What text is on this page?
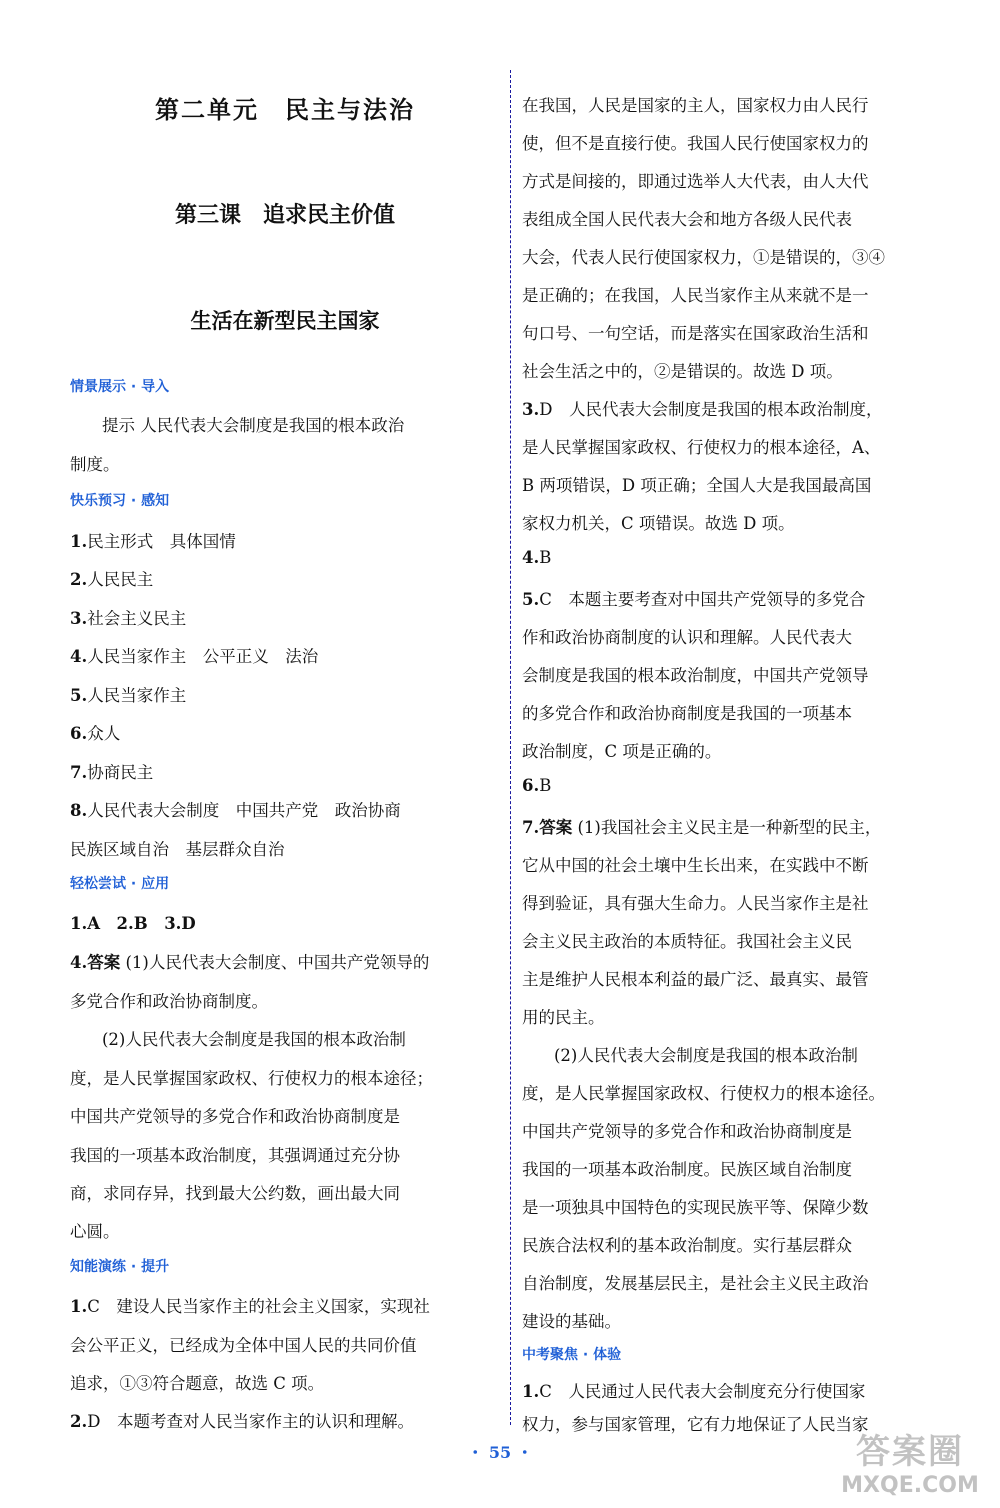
第二单元　民主与法治
第三课　追求民主价值
生活在新型民主国家
情景展示 · 导入
提示 人民代表大会制度是我国的根本政治
制度。
快乐预习 · 感知
1.民主形式　具体国情
2.人民民主
3.社会主义民主
4.人民当家作主　公平正义　法治
5.人民当家作主
6.众人
7.协商民主
8.人民代表大会制度　中国共产党　政治协商
民族区域自治　基层群众自治
轻松尝试 · 应用
1.A　2.B　3.D
4.答案 (1)人民代表大会制度、中国共产党领导的
多党合作和政治协商制度。
(2)人民代表大会制度是我国的根本政治制
度，是人民掌握国家政权、行使权力的根本途径；
中国共产党领导的多党合作和政治协商制度是
我国的一项基本政治制度，其强调通过充分协
商，求同存异，找到最大公约数，画出最大同
心圆。
知能演练 · 提升
1.C　建设人民当家作主的社会主义国家，实现社
会公平正义，已经成为全体中国人民的共同价值
追求，①③符合题意，故选 C 项。
2.D　本题考查对人民当家作主的认识和理解。
在我国，人民是国家的主人，国家权力由人民行
使，但不是直接行使。我国人民行使国家权力的
方式是间接的，即通过选举人大代表，由人大代
表组成全国人民代表大会和地方各级人民代表
大会，代表人民行使国家权力，①是错误的，③④
是正确的；在我国，人民当家作主从来就不是一
句口号、一句空话，而是落实在国家政治生活和
社会生活之中的，②是错误的。故选 D 项。
3.D　人民代表大会制度是我国的根本政治制度，
是人民掌握国家政权、行使权力的根本途径，A、
B 两项错误，D 项正确；全国人大是我国最高国
家权力机关，C 项错误。故选 D 项。
4.B
5.C　本题主要考查对中国共产党领导的多党合
作和政治协商制度的认识和理解。人民代表大
会制度是我国的根本政治制度，中国共产党领导
的多党合作和政治协商制度是我国的一项基本
政治制度，C 项是正确的。
6.B
7.答案 (1)我国社会主义民主是一种新型的民主，
它从中国的社会土壤中生长出来，在实践中不断
得到验证，具有强大生命力。人民当家作主是社
会主义民主政治的本质特征。我国社会主义民
主是维护人民根本利益的最广泛、最真实、最管
用的民主。
(2)人民代表大会制度是我国的根本政治制
度，是人民掌握国家政权、行使权力的根本途径。
中国共产党领导的多党合作和政治协商制度是
我国的一项基本政治制度。民族区域自治制度
是一项独具中国特色的实现民族平等、保障少数
民族合法权利的基本政治制度。实行基层群众
自治制度，发展基层民主，是社会主义民主政治
建设的基础。
中考聚焦 · 体验
1.C　人民通过人民代表大会制度充分行使国家
权力，参与国家管理，它有力地保证了人民当家
・ 55 ・	答案圈
MXQE.COM
